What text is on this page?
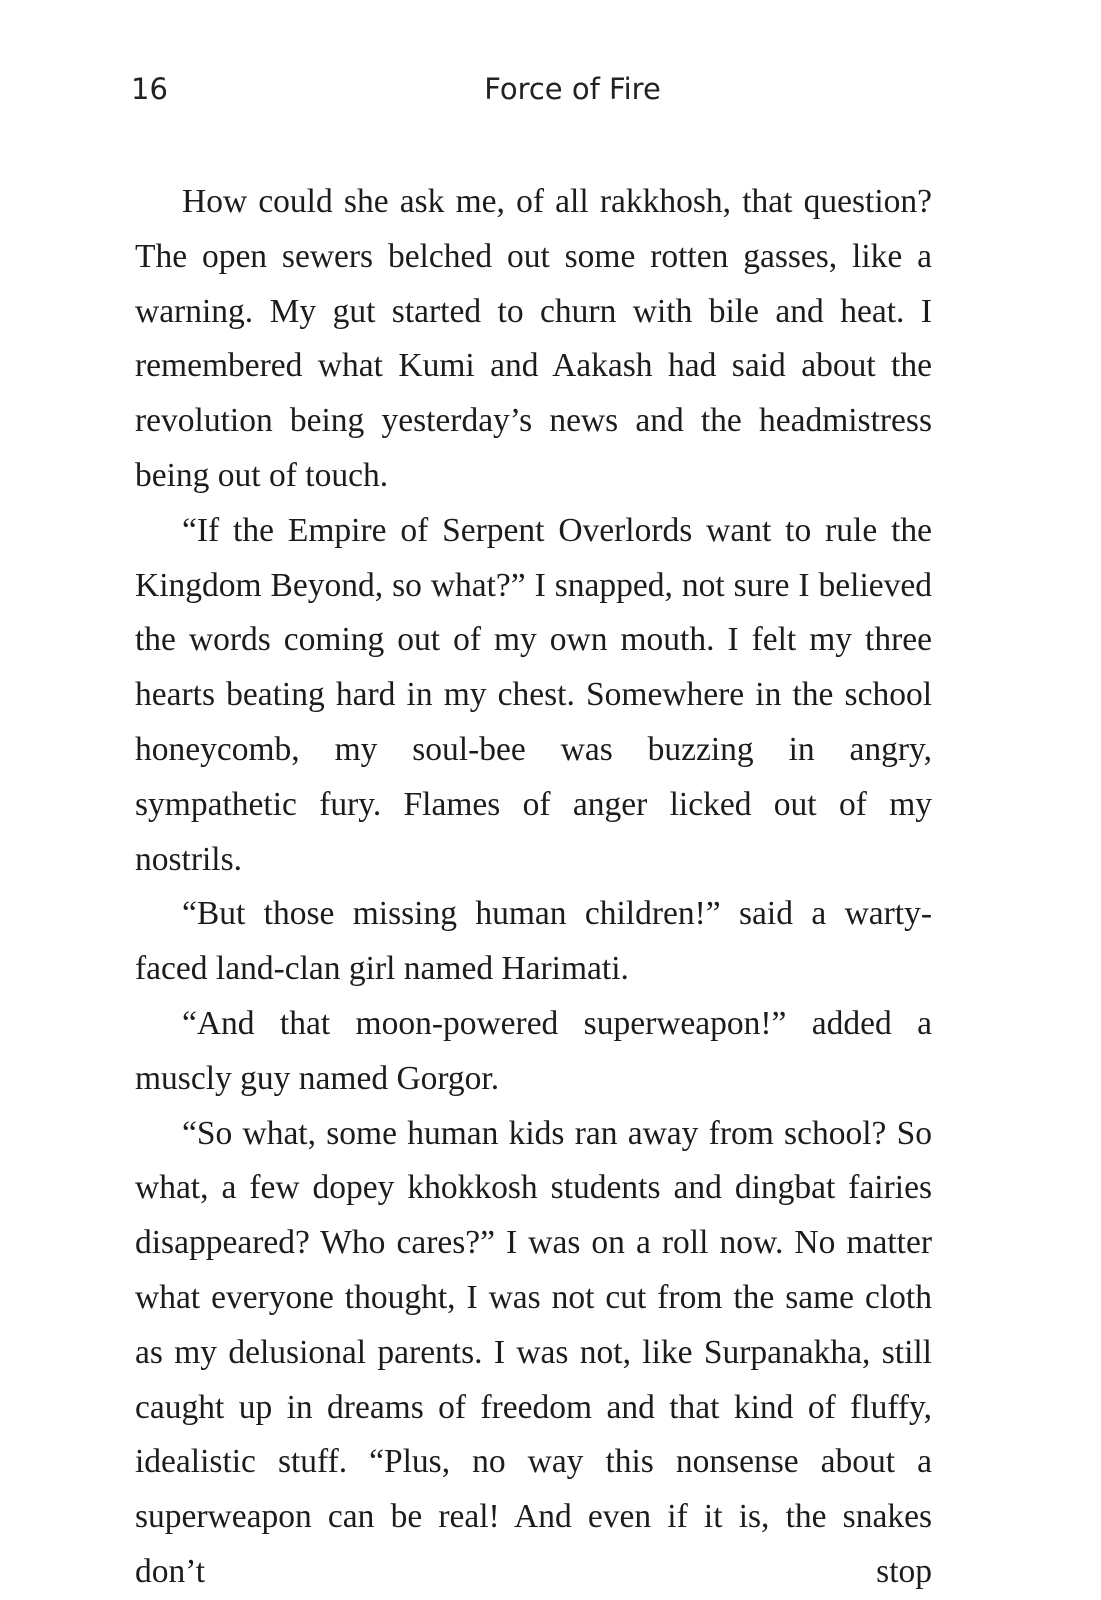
16	Force of Fire

How could she ask me, of all rakkhosh, that question? The open sewers belched out some rotten gasses, like a warning. My gut started to churn with bile and heat. I remembered what Kumi and Aakash had said about the revolution being yesterday’s news and the headmistress being out of touch.

“If the Empire of Serpent Overlords want to rule the Kingdom Beyond, so what?” I snapped, not sure I believed the words coming out of my own mouth. I felt my three hearts beating hard in my chest. Somewhere in the school honeycomb, my soul-bee was buzzing in angry, sympathetic fury. Flames of anger licked out of my nostrils.

“But those missing human children!” said a warty-faced land-clan girl named Harimati.

“And that moon-powered superweapon!” added a muscly guy named Gorgor.

“So what, some human kids ran away from school? So what, a few dopey khokkosh students and dingbat fairies disappeared? Who cares?” I was on a roll now. No matter what everyone thought, I was not cut from the same cloth as my delusional parents. I was not, like Surpanakha, still caught up in dreams of freedom and that kind of fluffy, idealistic stuff. “Plus, no way this nonsense about a superweapon can be real! And even if it is, the snakes don’t stop
